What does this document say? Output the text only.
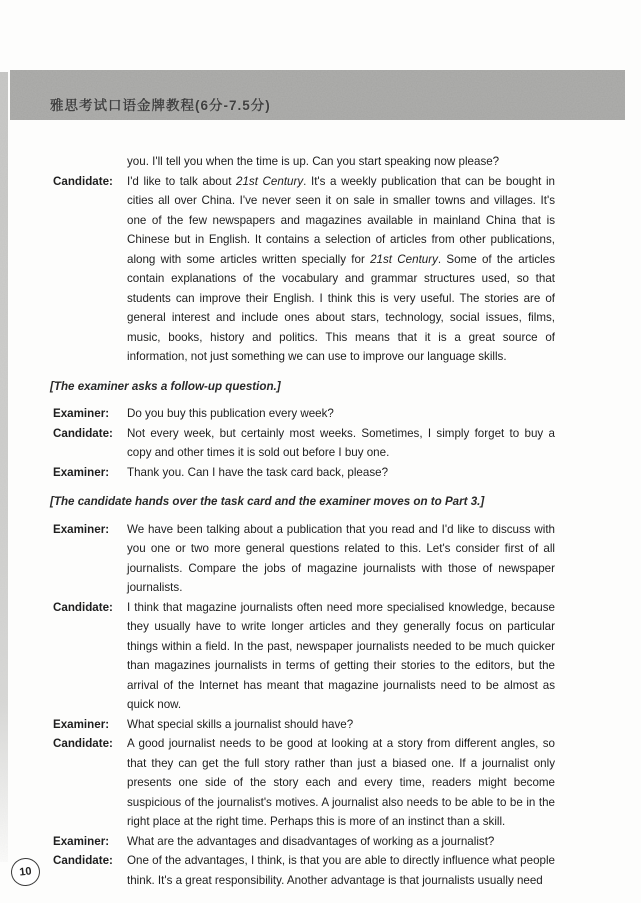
雅思考试口语金牌教程(6分-7.5分)
you. I'll tell you when the time is up. Can you start speaking now please?
Candidate:	I'd like to talk about 21st Century. It's a weekly publication that can be bought in cities all over China. I've never seen it on sale in smaller towns and villages. It's one of the few newspapers and magazines available in mainland China that is Chinese but in English. It contains a selection of articles from other publications, along with some articles written specially for 21st Century. Some of the articles contain explanations of the vocabulary and grammar structures used, so that students can improve their English. I think this is very useful. The stories are of general interest and include ones about stars, technology, social issues, films, music, books, history and politics. This means that it is a great source of information, not just something we can use to improve our language skills.
[The examiner asks a follow-up question.]
Examiner:	Do you buy this publication every week?
Candidate:	Not every week, but certainly most weeks. Sometimes, I simply forget to buy a copy and other times it is sold out before I buy one.
Examiner:	Thank you. Can I have the task card back, please?
[The candidate hands over the task card and the examiner moves on to Part 3.]
Examiner:	We have been talking about a publication that you read and I'd like to discuss with you one or two more general questions related to this. Let's consider first of all journalists. Compare the jobs of magazine journalists with those of newspaper journalists.
Candidate:	I think that magazine journalists often need more specialised knowledge, because they usually have to write longer articles and they generally focus on particular things within a field. In the past, newspaper journalists needed to be much quicker than magazines journalists in terms of getting their stories to the editors, but the arrival of the Internet has meant that magazine journalists need to be almost as quick now.
Examiner:	What special skills a journalist should have?
Candidate:	A good journalist needs to be good at looking at a story from different angles, so that they can get the full story rather than just a biased one. If a journalist only presents one side of the story each and every time, readers might become suspicious of the journalist's motives. A journalist also needs to be able to be in the right place at the right time. Perhaps this is more of an instinct than a skill.
Examiner:	What are the advantages and disadvantages of working as a journalist?
Candidate:	One of the advantages, I think, is that you are able to directly influence what people think. It's a great responsibility. Another advantage is that journalists usually need
10
